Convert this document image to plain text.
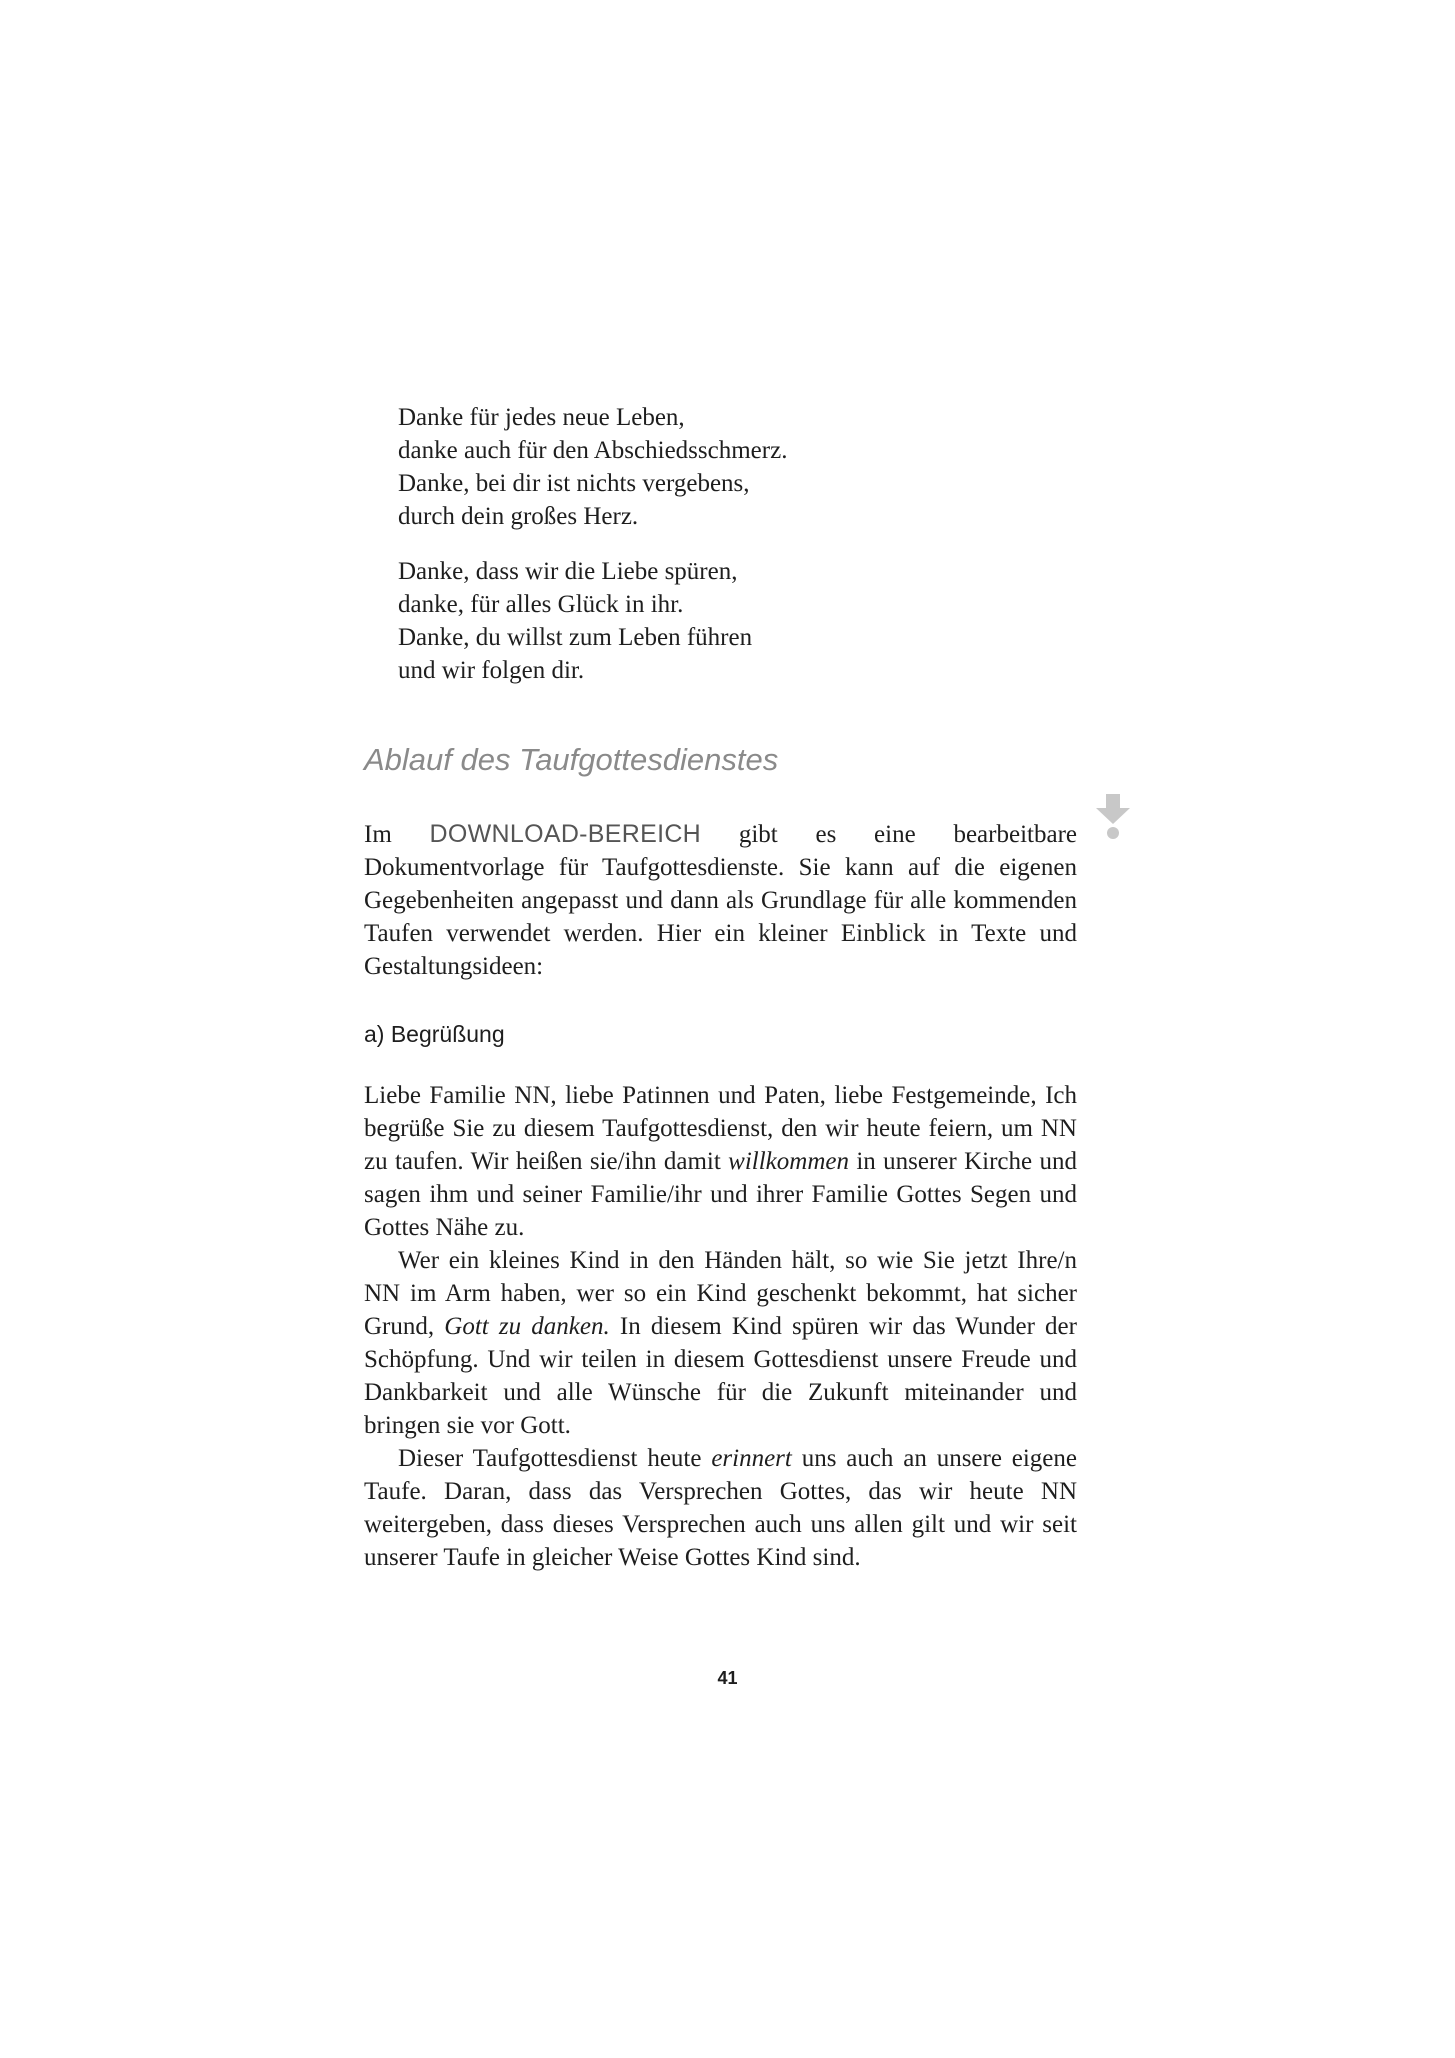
Danke für jedes neue Leben,
danke auch für den Abschiedsschmerz.
Danke, bei dir ist nichts vergebens,
durch dein großes Herz.
Danke, dass wir die Liebe spüren,
danke, für alles Glück in ihr.
Danke, du willst zum Leben führen
und wir folgen dir.
Ablauf des Taufgottesdienstes

Im DOWNLOAD-BEREICH gibt es eine bearbeitbare Dokumentvorlage für Taufgottesdienste. Sie kann auf die eigenen Gegebenheiten angepasst und dann als Grundlage für alle kommenden Taufen verwendet werden. Hier ein kleiner Einblick in Texte und Gestaltungsideen:

a) Begrüßung

Liebe Familie NN, liebe Patinnen und Paten, liebe Festgemeinde, Ich begrüße Sie zu diesem Taufgottesdienst, den wir heute feiern, um NN zu taufen. Wir heißen sie/ihn damit willkommen in unserer Kirche und sagen ihm und seiner Familie/ihr und ihrer Familie Gottes Segen und Gottes Nähe zu.

Wer ein kleines Kind in den Händen hält, so wie Sie jetzt Ihre/n NN im Arm haben, wer so ein Kind geschenkt bekommt, hat sicher Grund, Gott zu danken. In diesem Kind spüren wir das Wunder der Schöpfung. Und wir teilen in diesem Gottesdienst unsere Freude und Dankbarkeit und alle Wünsche für die Zukunft miteinander und bringen sie vor Gott.

Dieser Taufgottesdienst heute erinnert uns auch an unsere eigene Taufe. Daran, dass das Versprechen Gottes, das wir heute NN weitergeben, dass dieses Versprechen auch uns allen gilt und wir seit unserer Taufe in gleicher Weise Gottes Kind sind.

41
